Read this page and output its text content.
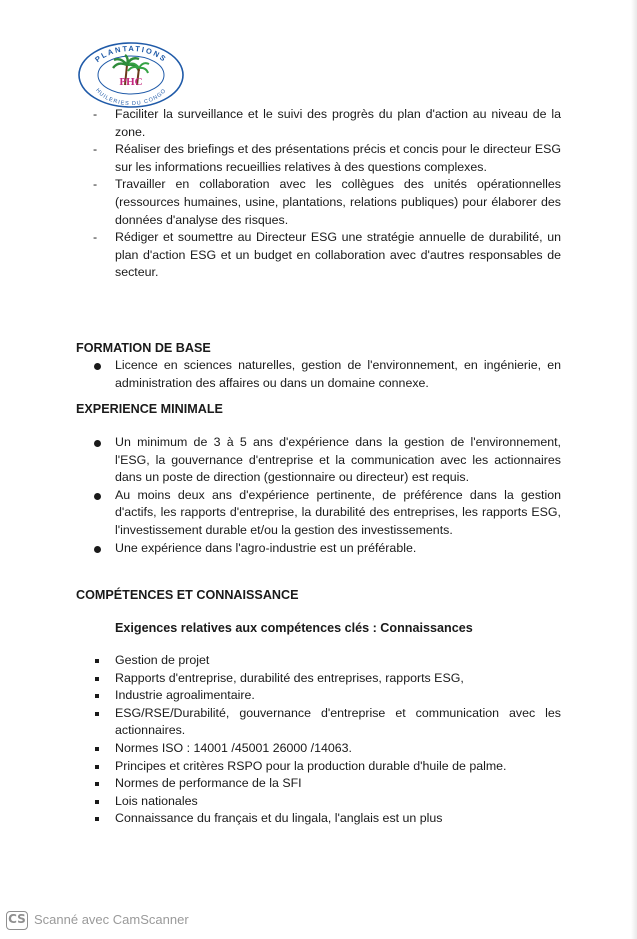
PLANTATIONS
HUILERIES DU CONGO
PHC
- Faciliter la surveillance et le suivi des progrès du plan d'action au niveau de la zone.
- Réaliser des briefings et des présentations précis et concis pour le directeur ESG sur les informations recueillies relatives à des questions complexes.
- Travailler en collaboration avec les collègues des unités opérationnelles (ressources humaines, usine, plantations, relations publiques) pour élaborer des données d'analyse des risques.
- Rédiger et soumettre au Directeur ESG une stratégie annuelle de durabilité, un plan d'action ESG et un budget en collaboration avec d'autres responsables de secteur.
FORMATION DE BASE
Licence en sciences naturelles, gestion de l'environnement, en ingénierie, en administration des affaires ou dans un domaine connexe.
EXPERIENCE MINIMALE
Un minimum de 3 à 5 ans d'expérience dans la gestion de l'environnement, l'ESG, la gouvernance d'entreprise et la communication avec les actionnaires dans un poste de direction (gestionnaire ou directeur) est requis.
Au moins deux ans d'expérience pertinente, de préférence dans la gestion d'actifs, les rapports d'entreprise, la durabilité des entreprises, les rapports ESG, l'investissement durable et/ou la gestion des investissements.
Une expérience dans l'agro-industrie est un préférable.
COMPÉTENCES ET CONNAISSANCE
Exigences relatives aux compétences clés : Connaissances
Gestion de projet
Rapports d'entreprise, durabilité des entreprises, rapports ESG,
Industrie agroalimentaire.
ESG/RSE/Durabilité, gouvernance d'entreprise et communication avec les actionnaires.
Normes ISO : 14001 /45001 26000 /14063.
Principes et critères RSPO pour la production durable d'huile de palme.
Normes de performance de la SFI
Lois nationales
Connaissance du français et du lingala, l'anglais est un plus
CS Scanné avec CamScanner
